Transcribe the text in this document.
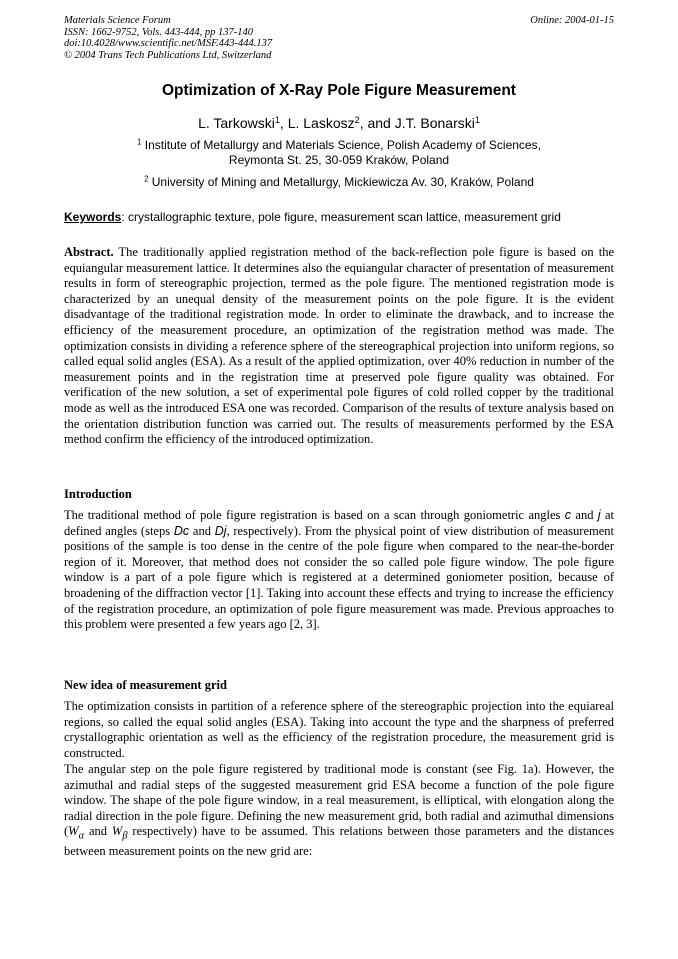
Materials Science Forum
ISSN: 1662-9752, Vols. 443-444, pp 137-140
doi:10.4028/www.scientific.net/MSF.443-444.137
© 2004 Trans Tech Publications Ltd, Switzerland
Online: 2004-01-15
Optimization of X-Ray Pole Figure Measurement
L. Tarkowski$^1$, L. Laskosz$^2$, and J.T. Bonarski$^1$
$^1$ Institute of Metallurgy and Materials Science, Polish Academy of Sciences,
Reymonta St. 25, 30-059 Kraków, Poland
$^2$ University of Mining and Metallurgy, Mickiewicza Av. 30, Kraków, Poland
Keywords: crystallographic texture, pole figure, measurement scan lattice, measurement grid
Abstract. The traditionally applied registration method of the back-reflection pole figure is based on the equiangular measurement lattice. It determines also the equiangular character of presentation of measurement results in form of stereographic projection, termed as the pole figure. The mentioned registration mode is characterized by an unequal density of the measurement points on the pole figure. It is the evident disadvantage of the traditional registration mode. In order to eliminate the drawback, and to increase the efficiency of the measurement procedure, an optimization of the registration method was made. The optimization consists in dividing a reference sphere of the stereographical projection into uniform regions, so called equal solid angles (ESA). As a result of the applied optimization, over 40% reduction in number of the measurement points and in the registration time at preserved pole figure quality was obtained. For verification of the new solution, a set of experimental pole figures of cold rolled copper by the traditional mode as well as the introduced ESA one was recorded. Comparison of the results of texture analysis based on the orientation distribution function was carried out. The results of measurements performed by the ESA method confirm the efficiency of the introduced optimization.
Introduction
The traditional method of pole figure registration is based on a scan through goniometric angles c and j at defined angles (steps Dc and Dj, respectively). From the physical point of view distribution of measurement positions of the sample is too dense in the centre of the pole figure when compared to the near-the-border region of it. Moreover, that method does not consider the so called pole figure window. The pole figure window is a part of a pole figure which is registered at a determined goniometer position, because of broadening of the diffraction vector [1]. Taking into account these effects and trying to increase the efficiency of the registration procedure, an optimization of pole figure measurement was made. Previous approaches to this problem were presented a few years ago [2, 3].
New idea of measurement grid
The optimization consists in partition of a reference sphere of the stereographic projection into the equiareal regions, so called the equal solid angles (ESA). Taking into account the type and the sharpness of preferred crystallographic orientation as well as the efficiency of the registration procedure, the measurement grid is constructed.
The angular step on the pole figure registered by traditional mode is constant (see Fig. 1a). However, the azimuthal and radial steps of the suggested measurement grid ESA become a function of the pole figure window. The shape of the pole figure window, in a real measurement, is elliptical, with elongation along the radial direction in the pole figure. Defining the new measurement grid, both radial and azimuthal dimensions ($W_\alpha$ and $W_\beta$ respectively) have to be assumed. This relations between those parameters and the distances between measurement points on the new grid are:
